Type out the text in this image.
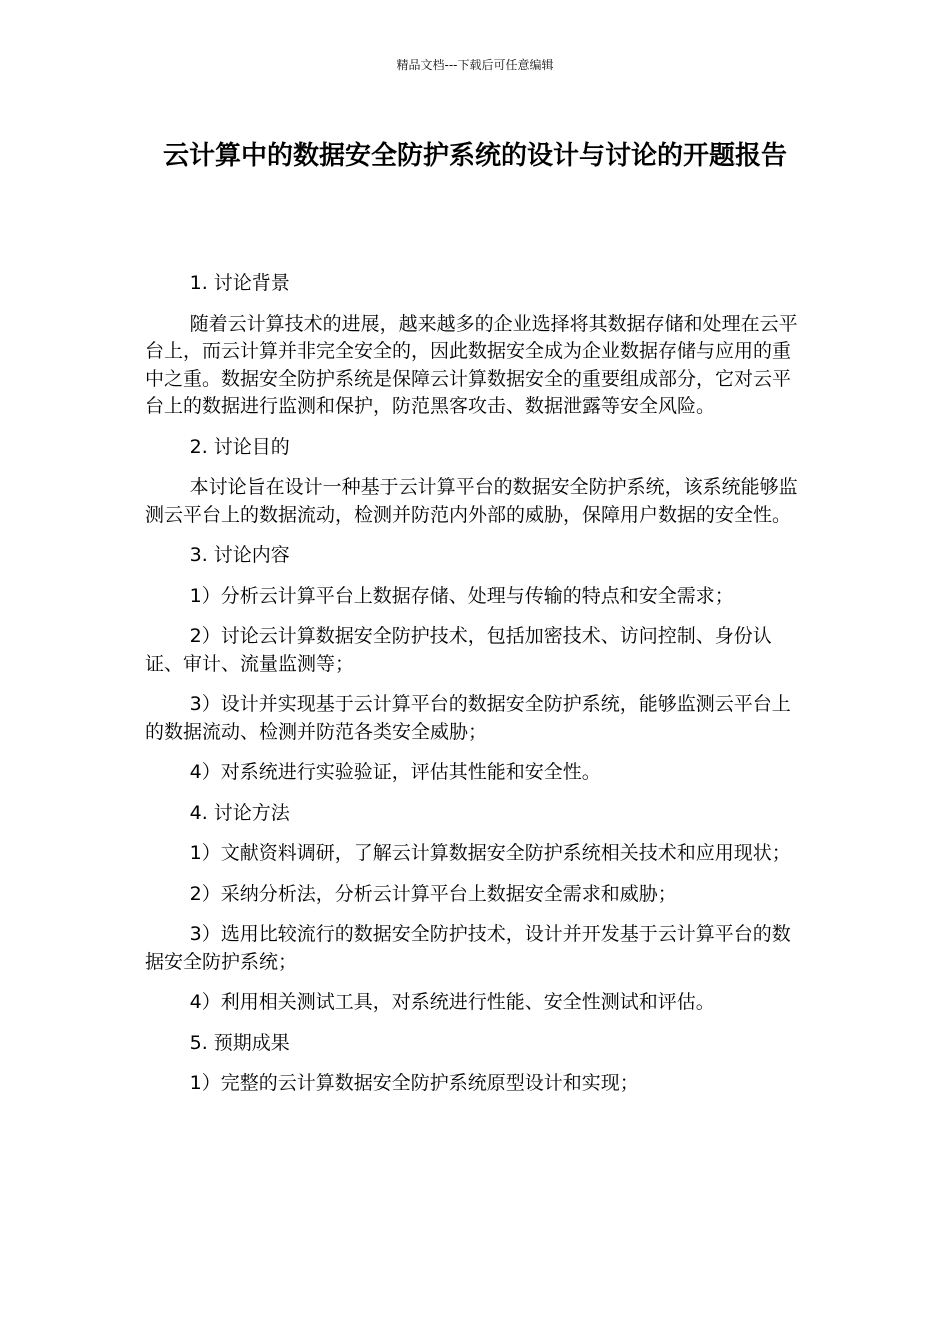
精品文档---下载后可任意编辑
云计算中的数据安全防护系统的设计与讨论的开题报告

1. 讨论背景

随着云计算技术的进展，越来越多的企业选择将其数据存储和处理在云平台上，而云计算并非完全安全的，因此数据安全成为企业数据存储与应用的重中之重。数据安全防护系统是保障云计算数据安全的重要组成部分，它对云平台上的数据进行监测和保护，防范黑客攻击、数据泄露等安全风险。

2. 讨论目的

本讨论旨在设计一种基于云计算平台的数据安全防护系统，该系统能够监测云平台上的数据流动，检测并防范内外部的威胁，保障用户数据的安全性。

3. 讨论内容

1）分析云计算平台上数据存储、处理与传输的特点和安全需求；

2）讨论云计算数据安全防护技术，包括加密技术、访问控制、身份认证、审计、流量监测等；

3）设计并实现基于云计算平台的数据安全防护系统，能够监测云平台上的数据流动、检测并防范各类安全威胁；

4）对系统进行实验验证，评估其性能和安全性。

4. 讨论方法

1）文献资料调研，了解云计算数据安全防护系统相关技术和应用现状；

2）采纳分析法，分析云计算平台上数据安全需求和威胁；

3）选用比较流行的数据安全防护技术，设计并开发基于云计算平台的数据安全防护系统；

4）利用相关测试工具，对系统进行性能、安全性测试和评估。

5. 预期成果

1）完整的云计算数据安全防护系统原型设计和实现；
